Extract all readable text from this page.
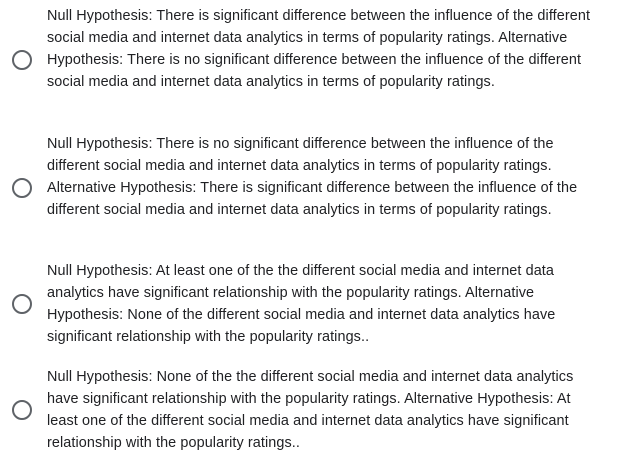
Null Hypothesis: There is significant difference between the influence of the different social media and internet data analytics in terms of popularity ratings. Alternative Hypothesis: There is no significant difference between the influence of the different social media and internet data analytics in terms of popularity ratings.
Null Hypothesis: There is no significant difference between the influence of the different social media and internet data analytics in terms of popularity ratings. Alternative Hypothesis: There is significant difference between the influence of the different social media and internet data analytics in terms of popularity ratings.
Null Hypothesis: At least one of the the different social media and internet data analytics have significant relationship with the popularity ratings. Alternative Hypothesis: None of the different social media and internet data analytics have significant relationship with the popularity ratings..
Null Hypothesis: None of the the different social media and internet data analytics have significant relationship with the popularity ratings. Alternative Hypothesis: At least one of the different social media and internet data analytics have significant relationship with the popularity ratings..
